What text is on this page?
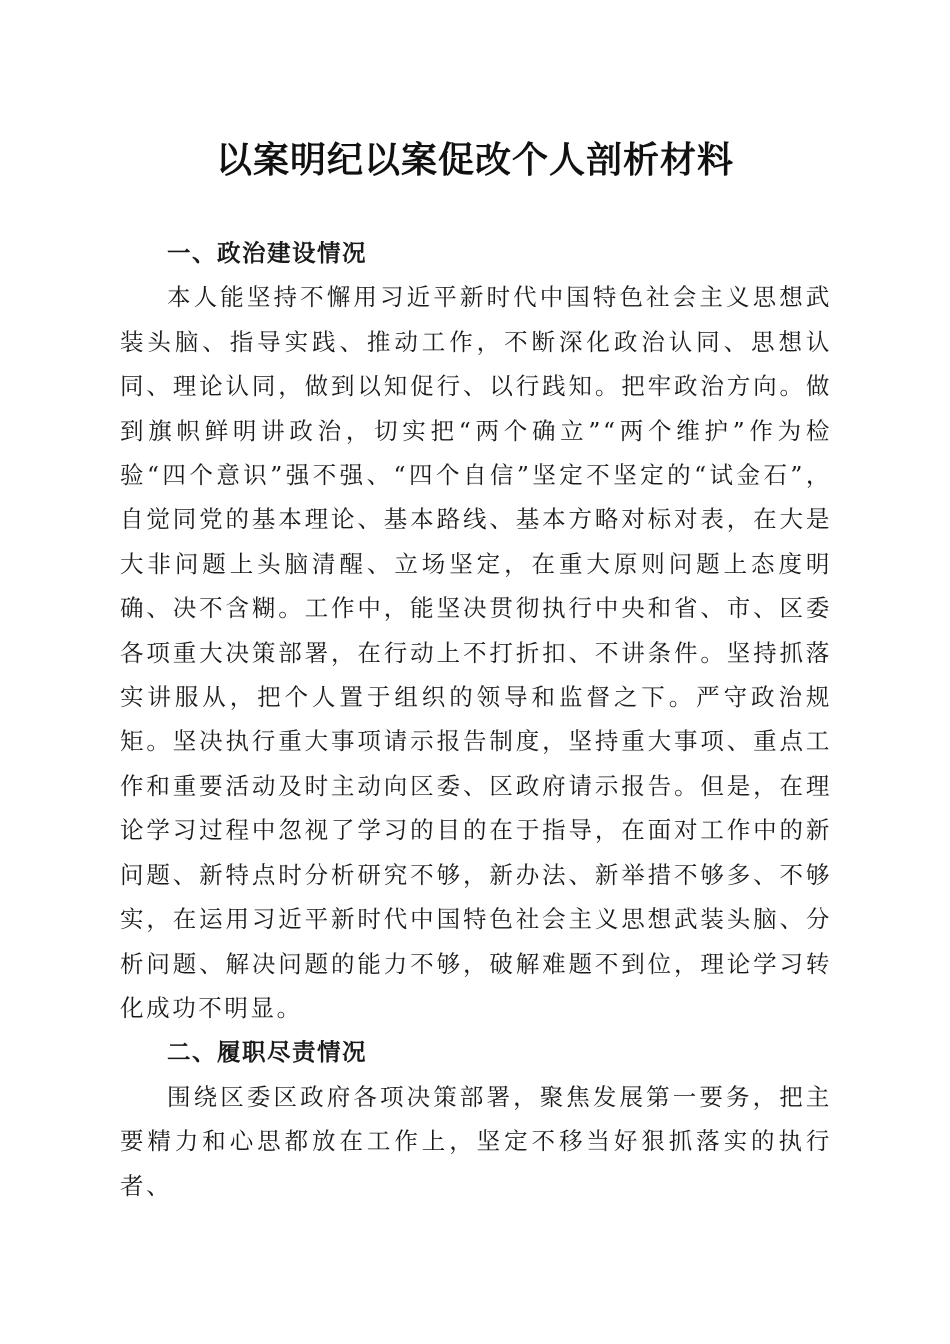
以案明纪以案促改个人剖析材料
一、政治建设情况

本人能坚持不懈用习近平新时代中国特色社会主义思想武装头脑、指导实践、推动工作，不断深化政治认同、思想认同、理论认同，做到以知促行、以行践知。把牢政治方向。做到旗帜鲜明讲政治，切实把“两个确立”“两个维护”作为检验“四个意识”强不强、“四个自信”坚定不坚定的“试金石”，自觉同党的基本理论、基本路线、基本方略对标对表，在大是大非问题上头脑清醒、立场坚定，在重大原则问题上态度明确、决不含糊。工作中，能坚决贯彻执行中央和省、市、区委各项重大决策部署，在行动上不打折扣、不讲条件。坚持抓落实讲服从，把个人置于组织的领导和监督之下。严守政治规矩。坚决执行重大事项请示报告制度，坚持重大事项、重点工作和重要活动及时主动向区委、区政府请示报告。但是，在理论学习过程中忽视了学习的目的在于指导，在面对工作中的新问题、新特点时分析研究不够，新办法、新举措不够多、不够实，在运用习近平新时代中国特色社会主义思想武装头脑、分析问题、解决问题的能力不够，破解难题不到位，理论学习转化成功不明显。

二、履职尽责情况

围绕区委区政府各项决策部署，聚焦发展第一要务，把主要精力和心思都放在工作上，坚定不移当好狠抓落实的执行者、
